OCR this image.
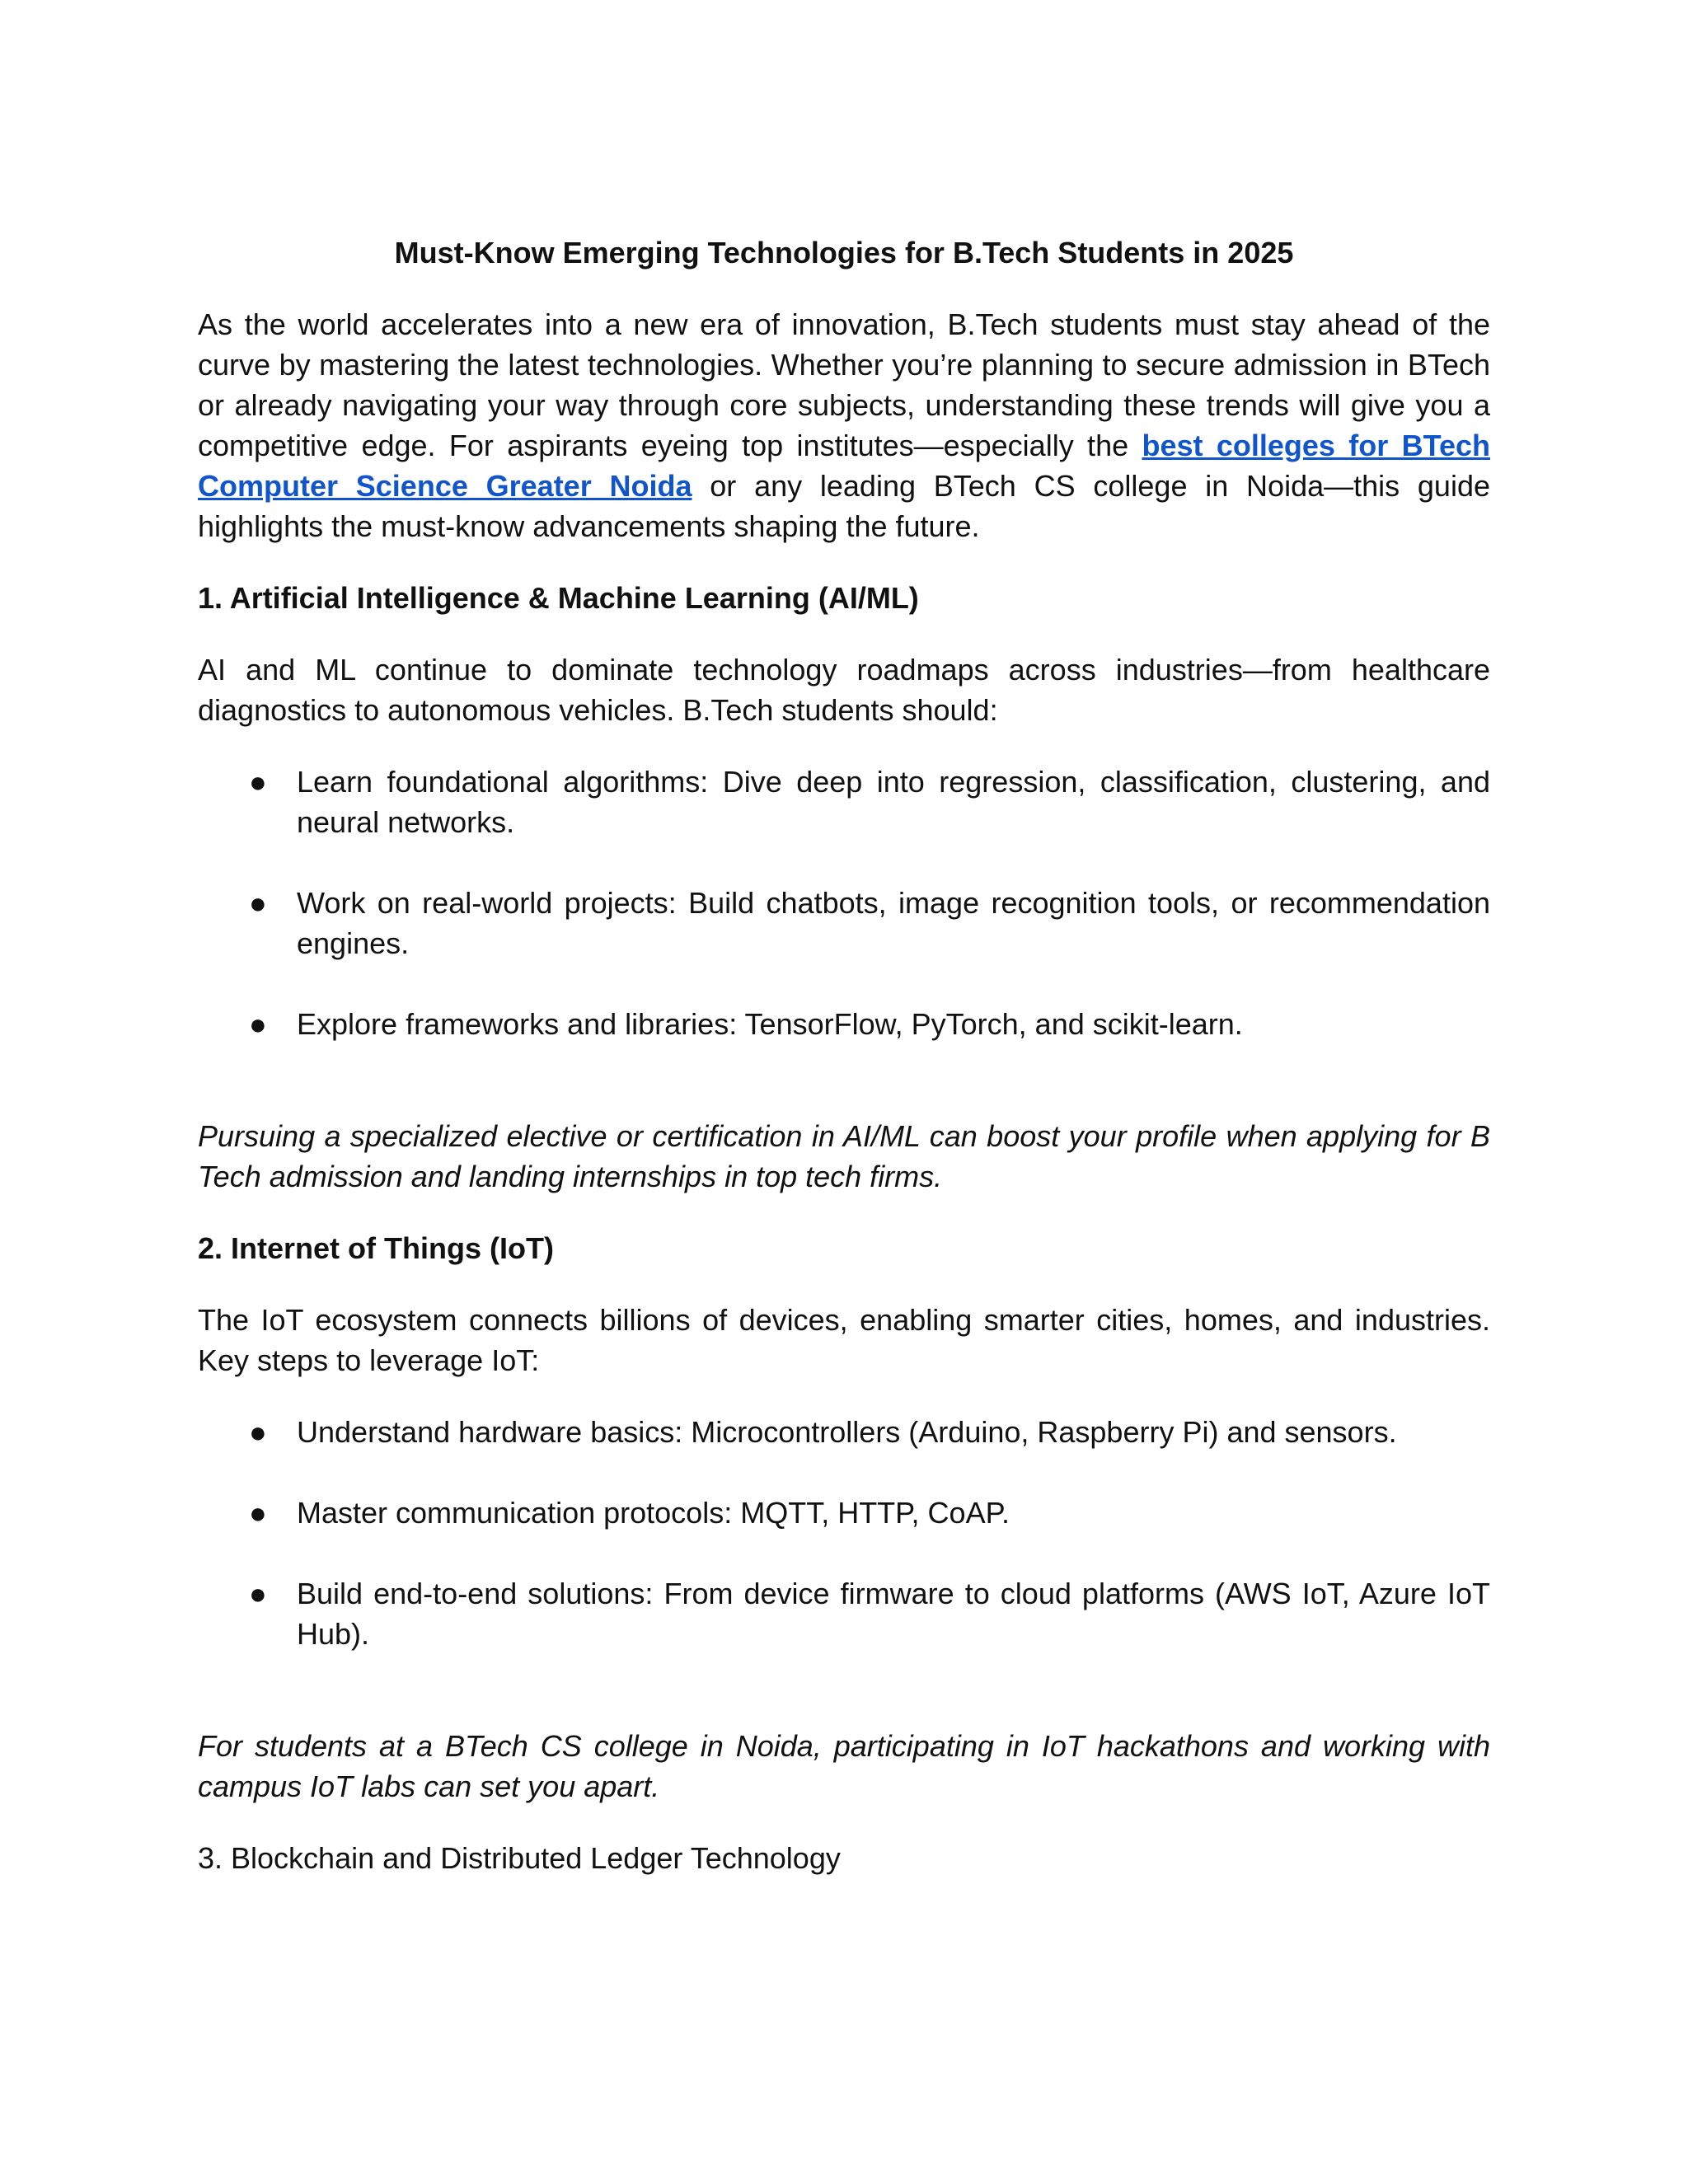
Must-Know Emerging Technologies for B.Tech Students in 2025

As the world accelerates into a new era of innovation, B.Tech students must stay ahead of the curve by mastering the latest technologies. Whether you’re planning to secure admission in BTech or already navigating your way through core subjects, understanding these trends will give you a competitive edge. For aspirants eyeing top institutes—especially the best colleges for BTech Computer Science Greater Noida or any leading BTech CS college in Noida—this guide highlights the must-know advancements shaping the future.

1. Artificial Intelligence & Machine Learning (AI/ML)

AI and ML continue to dominate technology roadmaps across industries—from healthcare diagnostics to autonomous vehicles. B.Tech students should:

● Learn foundational algorithms: Dive deep into regression, classification, clustering, and neural networks.
● Work on real-world projects: Build chatbots, image recognition tools, or recommendation engines.
● Explore frameworks and libraries: TensorFlow, PyTorch, and scikit-learn.

Pursuing a specialized elective or certification in AI/ML can boost your profile when applying for B Tech admission and landing internships in top tech firms.

2. Internet of Things (IoT)

The IoT ecosystem connects billions of devices, enabling smarter cities, homes, and industries. Key steps to leverage IoT:

● Understand hardware basics: Microcontrollers (Arduino, Raspberry Pi) and sensors.
● Master communication protocols: MQTT, HTTP, CoAP.
● Build end-to-end solutions: From device firmware to cloud platforms (AWS IoT, Azure IoT Hub).

For students at a BTech CS college in Noida, participating in IoT hackathons and working with campus IoT labs can set you apart.

3. Blockchain and Distributed Ledger Technology
